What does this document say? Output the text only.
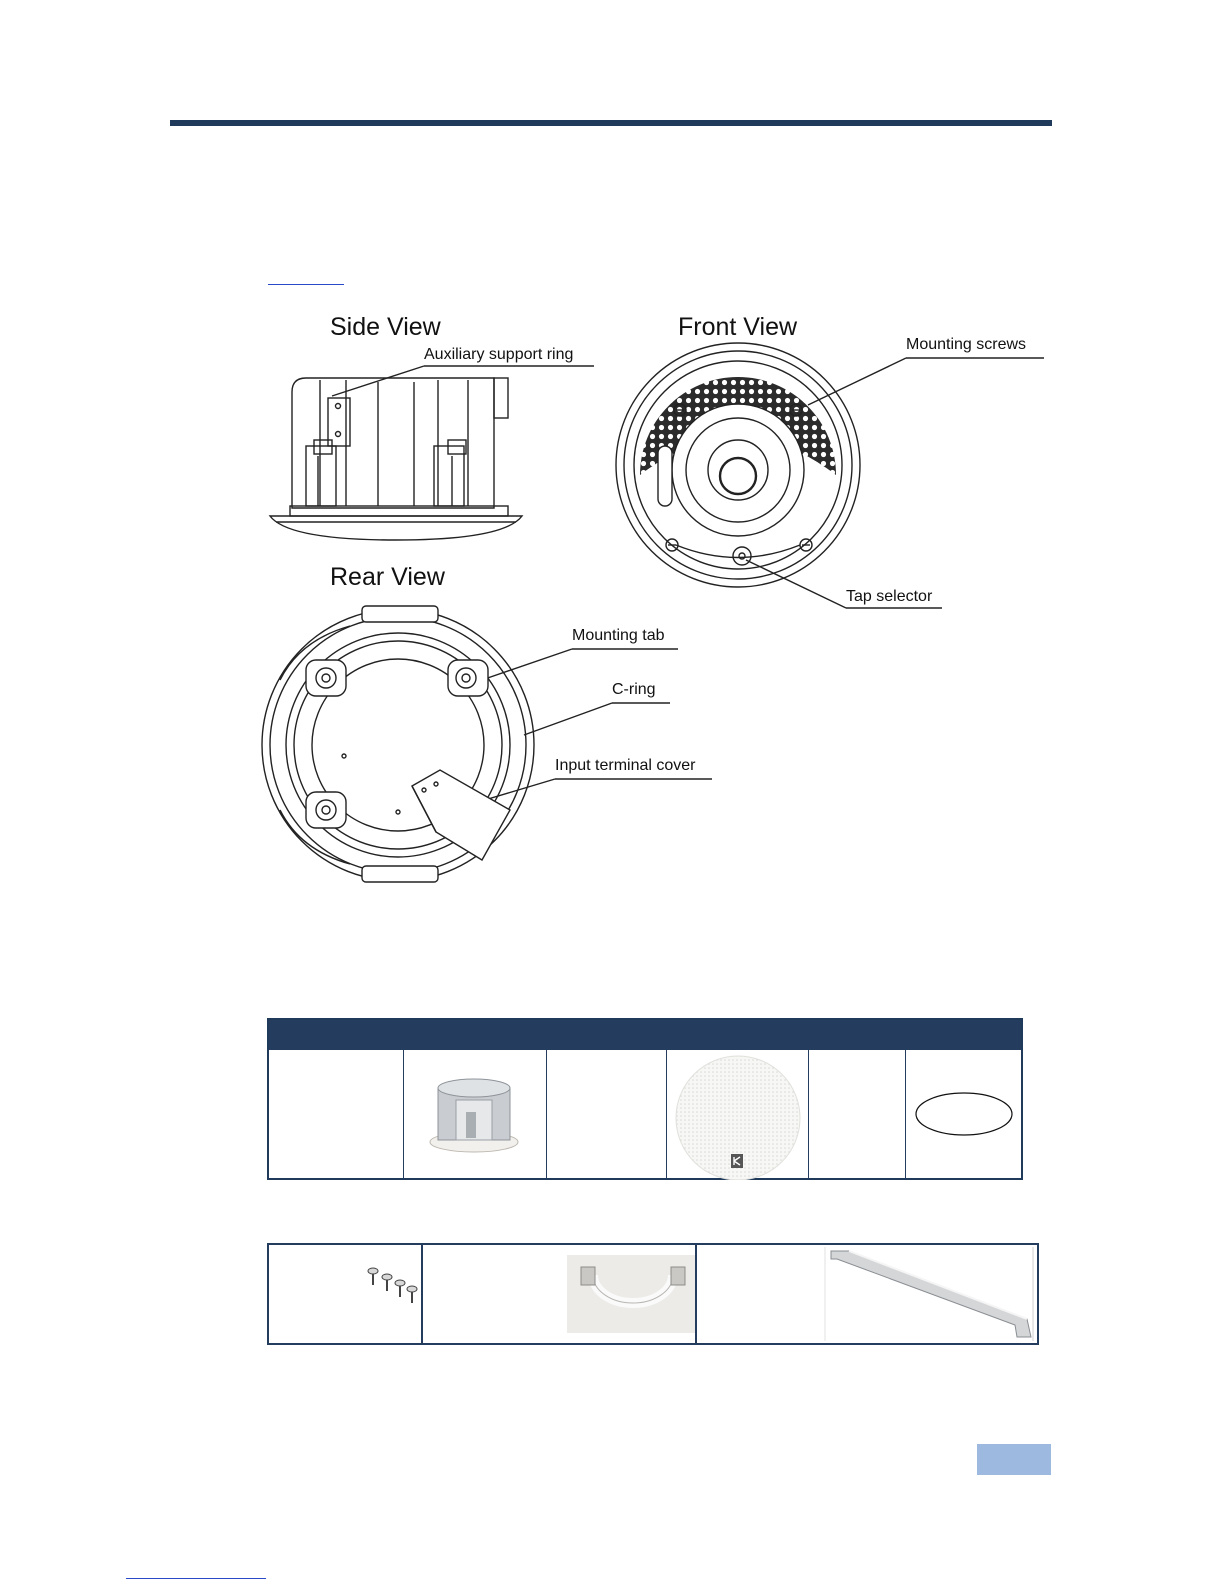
Side View
Auxiliary support ring
Front View
Mounting screws
Tap selector
Rear View
Mounting tab
C-ring
Input terminal cover
